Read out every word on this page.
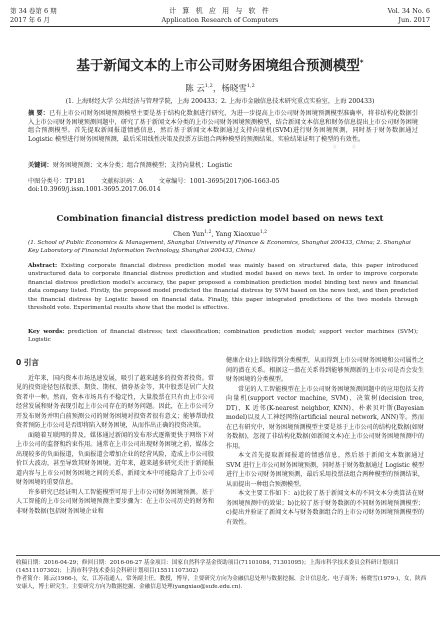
· ·
· ·
第 34 卷第 6 期
2017 年 6 月
计 算 机 应 用 与 软 件
Application Research of Computers
Vol. 34 No. 6
Jun. 2017
基于新闻文本的上市公司财务困境组合预测模型*
陈 云$^{1,2}$，杨晓雪$^{1,2}$
(1. 上海财经大学 公共经济与管理学院，上海 200433；2. 上海市金融信息技术研究重点实验室，上海 200433)
摘 要：已有上市公司财务困境预测模型主要是基于结构化数据进行研究，为进一步提高上市公司财务困境预测模型准确率，将非结构化数据引入上市公司财务困境预测问题中，研究了基于新闻文本分类的上市公司财务困境预测模型，结合新闻文本信息和财务信息提出上市公司财务困境组合预测模型。首先提取新闻报道情感信息，然后基于新闻文本数据通过支持向量机(SVM)进行财务困境预测，同时基于财务数据通过 Logistic 模型进行财务困境预测，最后采用线性决策及投票方法组合两种模型的预测结果。实验结果证明了模型的有效性。
关键词：财务困境预测；文本分类；组合预测模型；支持向量机；Logistic
中图分类号：TP181	文献标识码：A	文章编号：1001-3695(2017)06-1663-05
doi:10.3969/j.issn.1001-3695.2017.06.014
Combination financial distress prediction model based on news text
Chen Yun$^{1,2}$, Yang Xiaoxue$^{1,2}$
(1. School of Public Economics & Management, Shanghai University of Finance & Economics, Shanghai 200433, China; 2. Shanghai Key Laboratory of Financial Information Technology, Shanghai 200433, China)
Abstract: Existing corporate financial distress prediction model was mainly based on structured data, this paper introduced unstructured data to corporate financial distress prediction and studied model based on news text. In order to improve corporate financial distress prediction model's accuracy, the paper proposed a combination prediction model binding text news and financial data company listed. Firstly, the proposed model predicted the financial distress by SVM based on the news text, and then predicted the financial distress by Logistic based on financial data. Finally, this paper integrated predictions of the two models through threshold vote. Experimental results show that the model is effective.
Key words: prediction of financial distress; text classification; combination prediction model; support vector machines (SVM); Logistic
0 引言

近年来，国内资本市场迅速发展，吸引了越来越多的投资者投资。常见的投资途径包括股票、期货、期权、债券基金等，其中股票是居广大投资者中一种。然而，资本市场具有不稳定性，大量股票在只有由上市公司经营发展和财务表现引起上市公司存在的财务问题。因此，在上市公司分开发布财务并明白前预测公司的财务困境对投资者很有意义；能够帮助投资者预防上市公司是否即将陷入财务困境，从而作出正确的投资决策。

面随着互联网的普及，媒体通过新闻的发布形式逐渐更快于网络下对上市公司的监督和约束作用。通常在上市公司出现财务困境之前，媒体会出现较多的负面报道，负面报道会增加企业的经营风险，造成上市公司股价巨大波动，甚至导致其财务困境。近年来，越来越多研究关注于新闻报道内容与上市公司财务困境之间的关系，新闻文本中可能隐含了上市公司财务困境的重要信息。

许多研究已经证明人工智能模型可用于上市公司财务困境预测。基于人工智能的上市公司财务困境预测主要步骤为：在上市公司历史的财务和非财务数据(包括财务困境企业和

健康企业)上训练得到分类模型，从而得到上市公司财务困境和公司属性之间的潜在关系。根据这一潜在关系得到能够预测新的上市公司是否会发生财务困境的分类模型。

常见的人工智能模型在上市公司财务困境预测问题中的应用包括支持向量机(support vector machine, SVM)、决策树(decision tree, DT)、K 近邻(K-nearest neighbor, KNN)、朴素贝叶斯(Bayesian model)以及人工神经网络(artificial neural network, ANN)等。然而在已有研究中，财务困境预测模型主要是基于上市公司的结构化数据(如财务数据)，忽视了非结构化数据(如新闻文本)在上市公司财务困境预测中的作用。

本文首先提取新闻报道的情感信息，然后基于新闻文本数据通过 SVM 进行上市公司财务困境预测，同时基于财务数据通过 Logistic 模型进行上市公司财务困境预测，最后采用投票法组合两种模型的预测结果，从而提出一种组合预测模型。

本文主要工作如下：a)比较了基于新闻文本的不同文本分类算法在财务困境预测中的效果；b)比较了基于财务数据的不同财务困境预测模型；c)提出并验证了新闻文本与财务数据组合的上市公司财务困境预测模型的有效性。

收稿日期：2016-04-29；修回日期：2016-06-27 基金项目：国家自然科学基金资助项目(71101084, 71301095)；上海市科学技术委员会科研计划项目(14511107302)；上海市科学技术委员会科研计划项目(15511107302)
作者简介：陈云(1966-)，女，江苏南通人，常务副主任，教授，博导，主要研究方向为金融信息处理与数据挖掘、会计信息化、电子商务；杨晓雪(1979-)，女，陕西安康人，博士研究生，主要研究方向为数据挖掘、金融信息处理(yangxiao@sufe.edu.cn).
